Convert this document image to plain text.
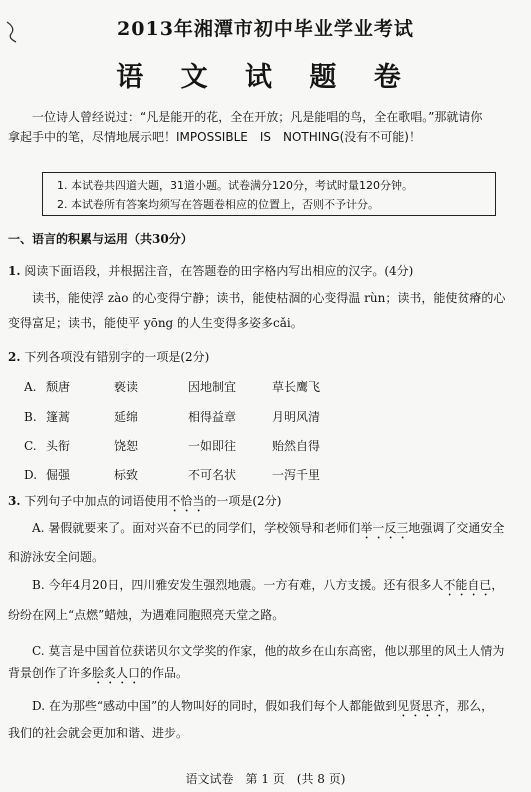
2013年湘潭市初中毕业学业考试
语 文 试 题 卷
一位诗人曾经说过：“凡是能开的花，全在开放；凡是能唱的鸟，全在歌唱。”那就请你
拿起手中的笔，尽情地展示吧！IMPOSSIBLE　IS　NOTHING(没有不可能)！
1. 本试卷共四道大题，31道小题。试卷满分120分，考试时量120分钟。
2. 本试卷所有答案均须写在答题卷相应的位置上，否则不予计分。
一、语言的积累与运用（共30分）
1. 阅读下面语段，并根据注音，在答题卷的田字格内写出相应的汉字。(4分)
读书，能使浮 zào 的心变得宁静；读书，能使枯涸的心变得温 rùn；读书，能使贫瘠的心
变得富足；读书，能使平 yōng 的人生变得多姿多cǎi。
2. 下列各项没有错别字的一项是(2分)
A. 颓唐	亵读	因地制宜	草长鹰飞
B. 篷蒿	延绵	相得益章	月明风清
C. 头衔	饶恕	一如即往	贻然自得
D. 倔强	标致	不可名状	一泻千里
3. 下列句子中加点的词语使用不恰当的一项是(2分)
A. 暑假就要来了。面对兴奋不已的同学们，学校领导和老师们举一反三地强调了交通安全
和游泳安全问题。
B. 今年4月20日，四川雅安发生强烈地震。一方有难，八方支援。还有很多人不能自已，
纷纷在网上“点燃”蜡烛，为遇难同胞照亮天堂之路。
C. 莫言是中国首位获诺贝尔文学奖的作家，他的故乡在山东高密，他以那里的风土人情为
背景创作了许多脍炙人口的作品。
D. 在为那些“感动中国”的人物叫好的同时，假如我们每个人都能做到见贤思齐，那么，
我们的社会就会更加和谐、进步。
语文试卷　第 1 页　(共 8 页)
